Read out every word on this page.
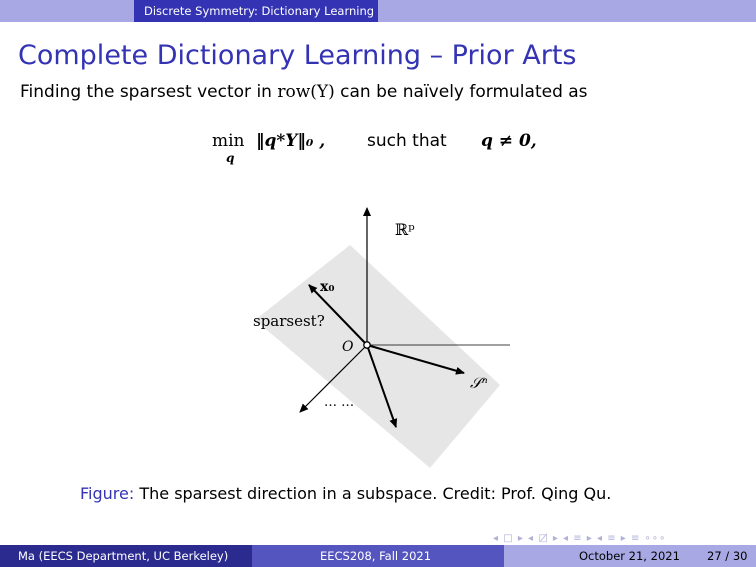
Discrete Symmetry: Dictionary Learning
Complete Dictionary Learning – Prior Arts
Finding the sparsest vector in row(Y) can be naïvely formulated as
min
q
‖q*Y‖₀ , such that q ≠ 0,
ℝᵖ
x₀
sparsest?
O
𝒮ⁿ
… …
Figure: The sparsest direction in a subspace. Credit: Prof. Qing Qu.
◂ □ ▸ ◂ □̸ ▸ ◂ ≡ ▸ ◂ ≡ ▸ ≡ ∘∘∘
Ma (EECS Department, UC Berkeley)	EECS208, Fall 2021	October 21, 2021 27 / 30
